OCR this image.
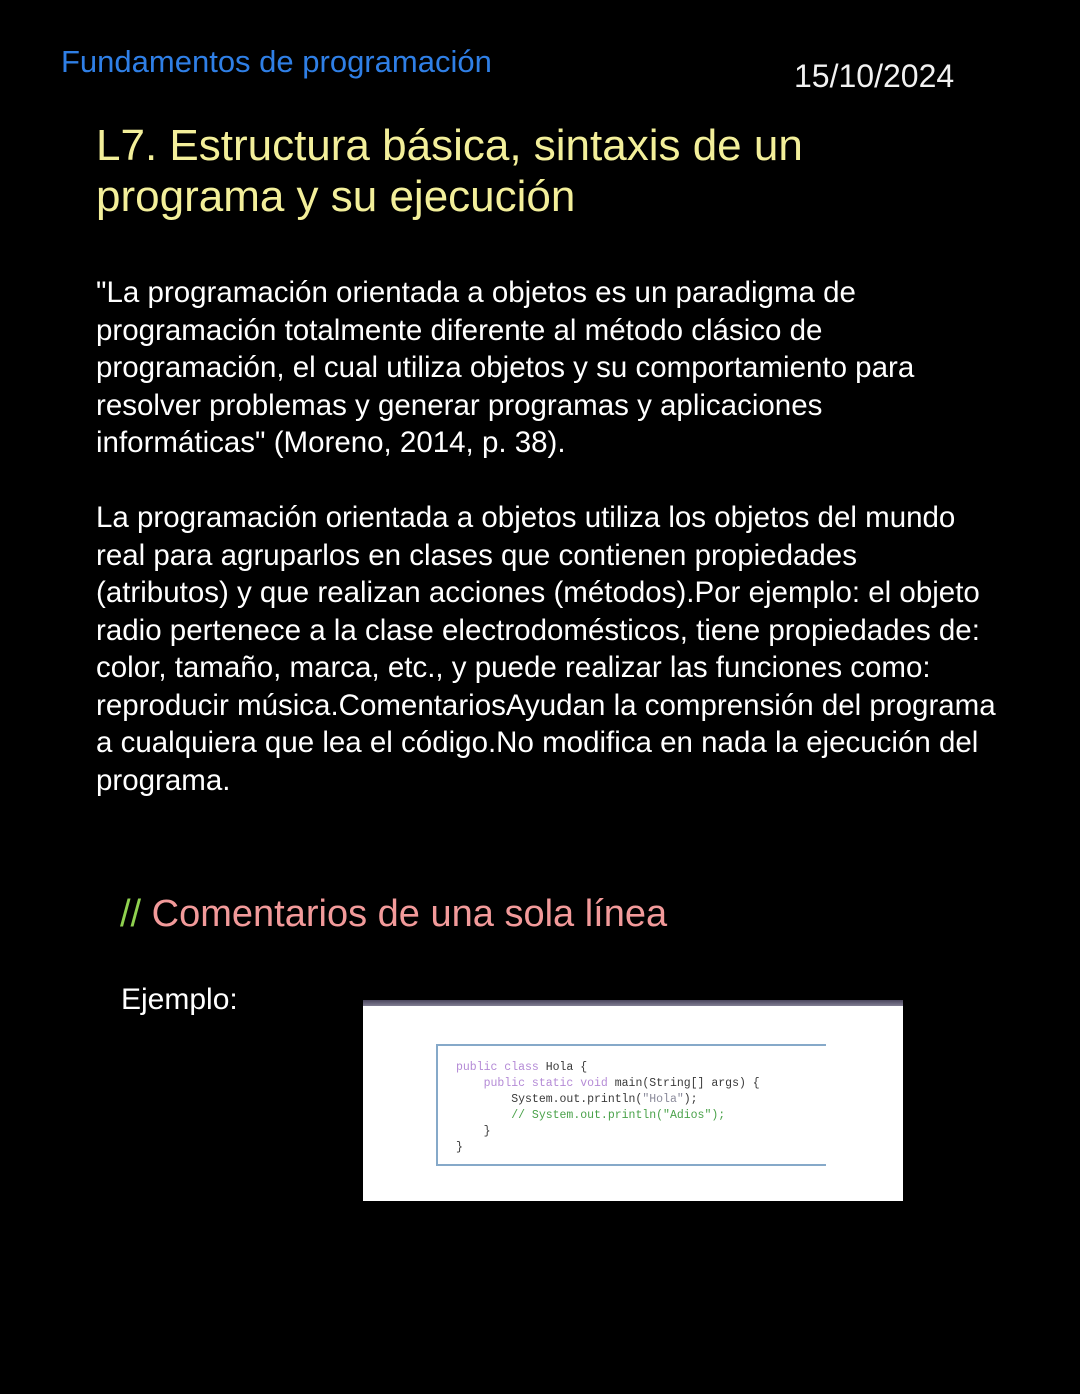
Fundamentos de programación	15/10/2024
L7. Estructura básica, sintaxis de un programa y su ejecución

"La programación orientada a objetos es un paradigma de programación totalmente diferente al método clásico de programación, el cual utiliza objetos y su comportamiento para resolver problemas y generar programas y aplicaciones informáticas" (Moreno, 2014, p. 38).

La programación orientada a objetos utiliza los objetos del mundo real para agruparlos en clases que contienen propiedades (atributos) y que realizan acciones (métodos).Por ejemplo: el objeto radio pertenece a la clase electrodomésticos, tiene propiedades de: color, tamaño, marca, etc., y puede realizar las funciones como: reproducir música.ComentariosAyudan la comprensión del programa a cualquiera que lea el código.No modifica en nada la ejecución del programa.

// Comentarios de una sola línea
Ejemplo:
public class Hola {
public static void main(String[] args) {
System.out.println("Hola");
// System.out.println("Adios");
}
}
